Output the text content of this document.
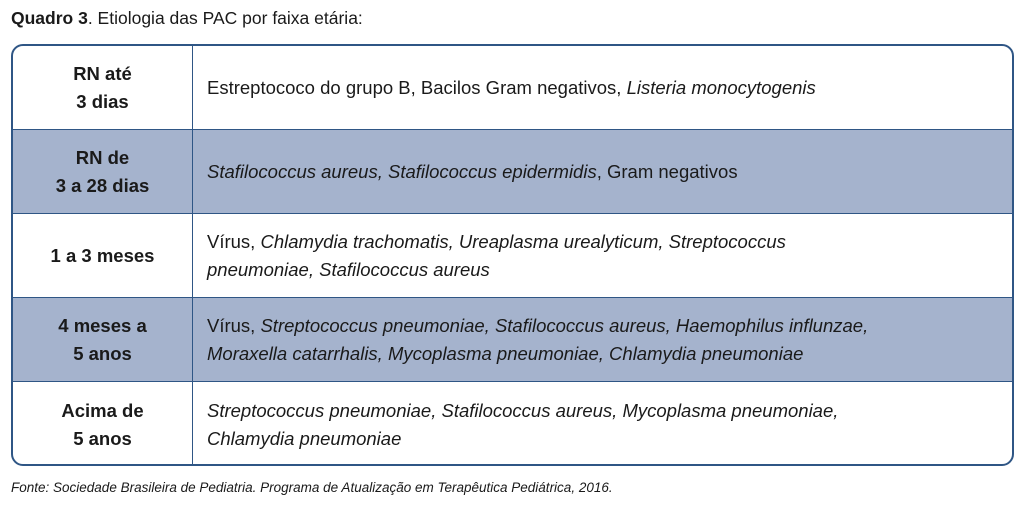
Quadro 3. Etiologia das PAC por faixa etária:
RN até
3 dias
Estreptococo do grupo B, Bacilos Gram negativos, Listeria monocytogenis
RN de
3 a 28 dias
Stafilococcus aureus, Stafilococcus epidermidis, Gram negativos
1 a 3 meses
Vírus, Chlamydia trachomatis, Ureaplasma urealyticum, Streptococcus
pneumoniae, Stafilococcus aureus
4 meses a
5 anos
Vírus, Streptococcus pneumoniae, Stafilococcus aureus, Haemophilus influnzae,
Moraxella catarrhalis, Mycoplasma pneumoniae, Chlamydia pneumoniae
Acima de
5 anos
Streptococcus pneumoniae, Stafilococcus aureus, Mycoplasma pneumoniae,
Chlamydia pneumoniae
Fonte: Sociedade Brasileira de Pediatria. Programa de Atualização em Terapêutica Pediátrica, 2016.
